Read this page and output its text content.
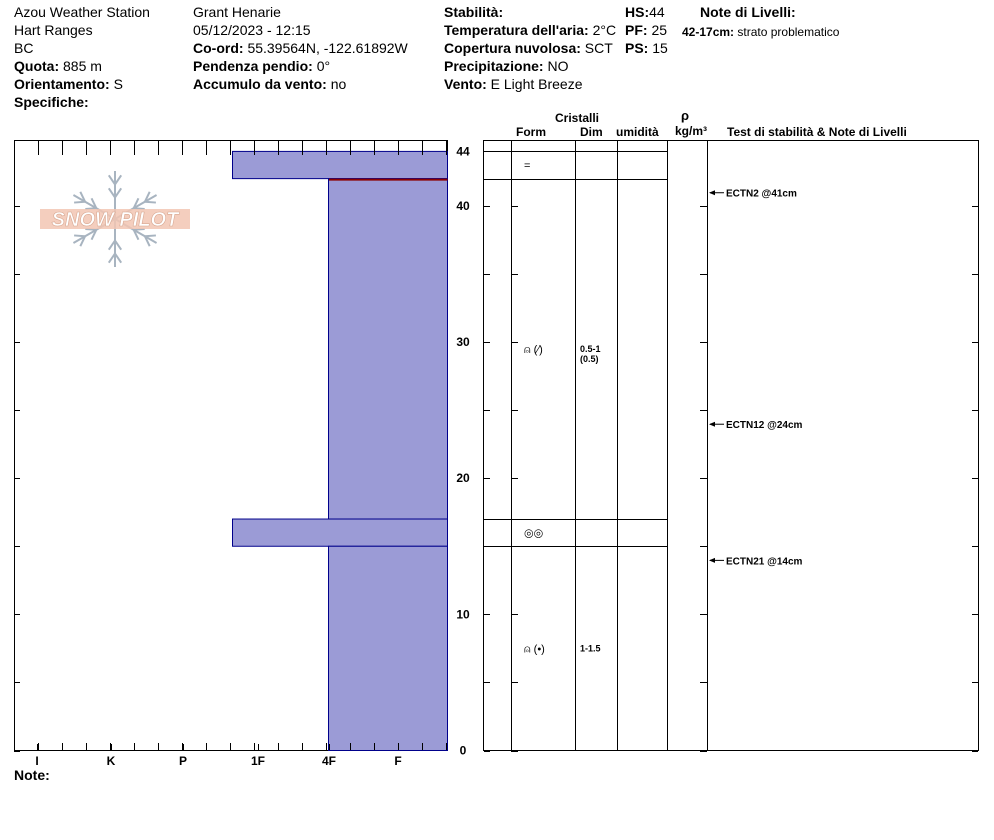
Azou Weather Station
Hart Ranges
BC
Quota: 885 m
Orientamento: S
Specifiche:
Grant Henarie
05/12/2023 - 12:15
Co-ord: 55.39564N, -122.61892W
Pendenza pendio: 0°
Accumulo da vento: no
Stabilità:
Temperatura dell'aria: 2°C
Copertura nuvolosa: SCT
Precipitazione: NO
Vento: E Light Breeze
HS:44
PF: 25
PS: 15
Note di Livelli:
42-17cm: strato problematico
Cristalli
Form	Dim umidità
ρ
kg/m³ Test di stabilità & Note di Livelli
SNOW PILOT
I	K	P	1F	4F	F
44
40
30
20
10
0
=
⍝ (⁄)	0.5-1
(0.5)
◎◎
⍝ (•)	1-1.5
ECTN2 @41cm
ECTN12 @24cm
ECTN21 @14cm
Note:
